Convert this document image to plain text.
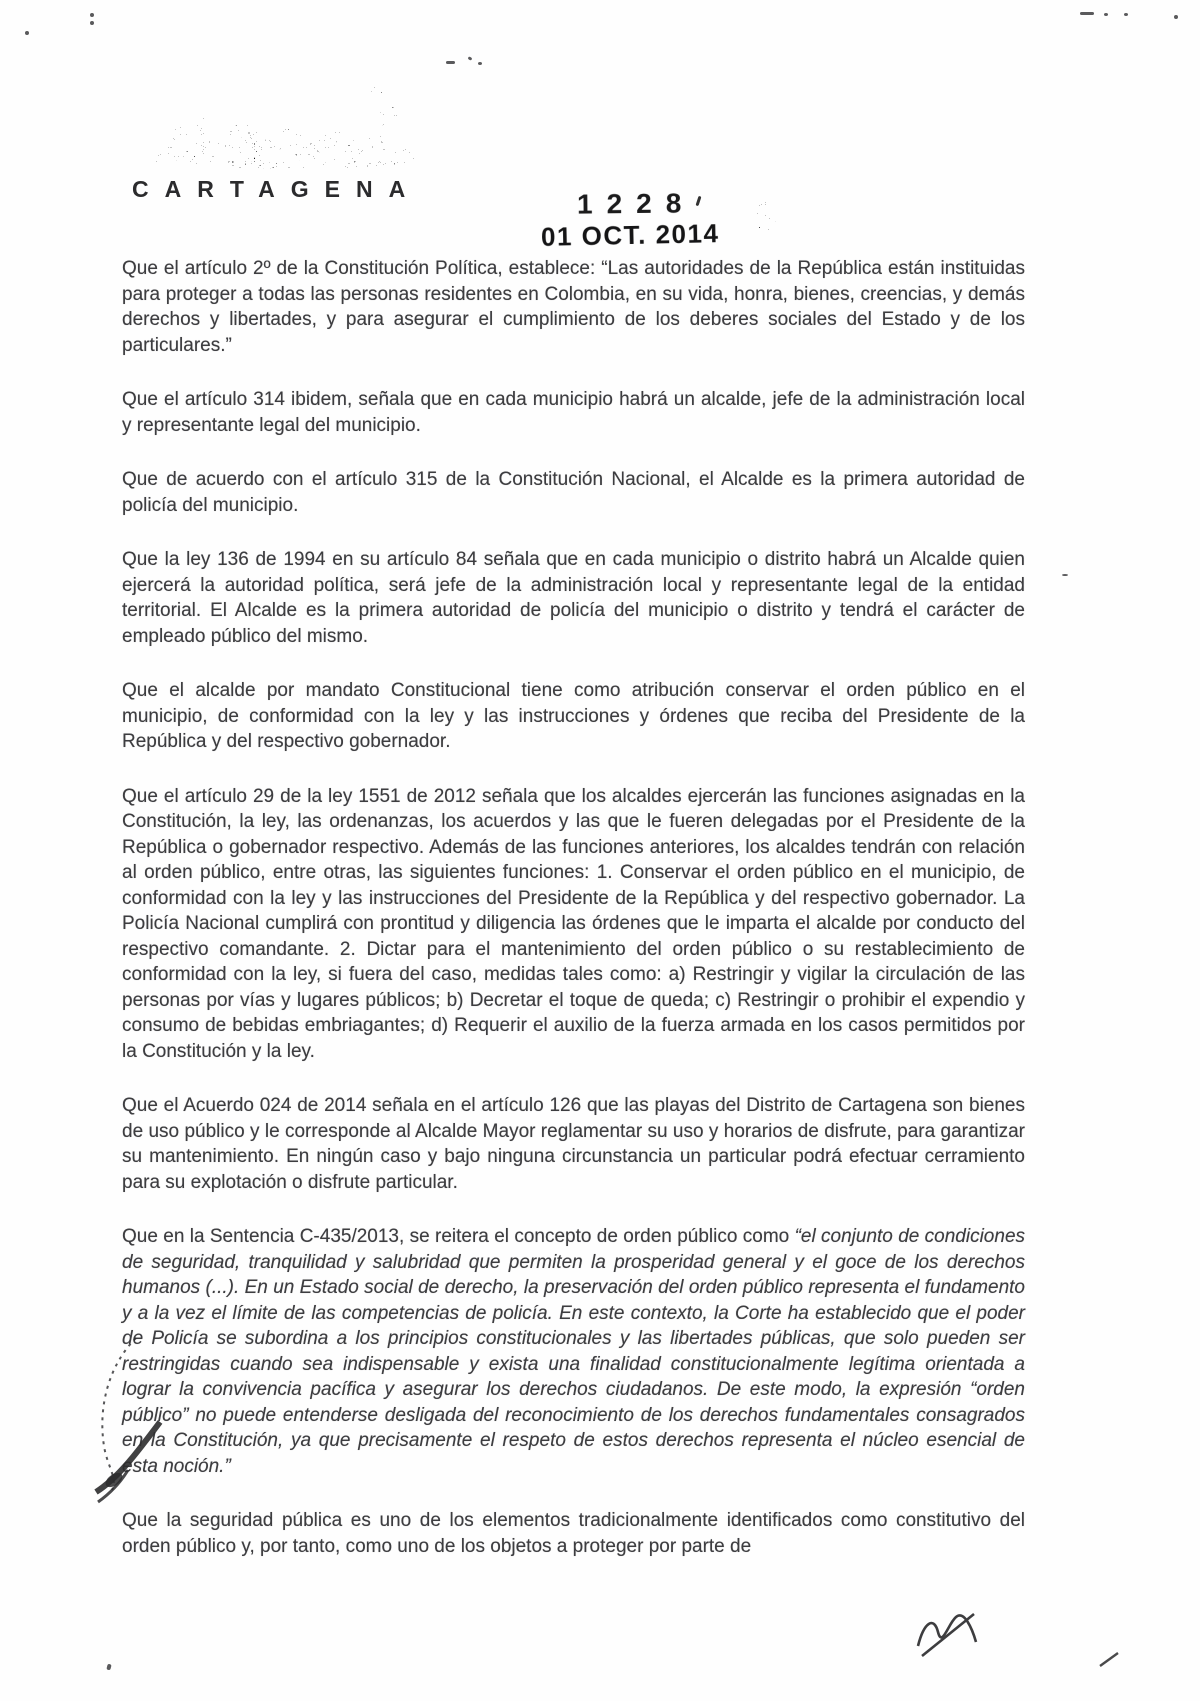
CARTAGENA	1228
01 OCT. 2014

Que el artículo 2º de la Constitución Política, establece: “Las autoridades de la República están instituidas para proteger a todas las personas residentes en Colombia, en su vida, honra, bienes, creencias, y demás derechos y libertades, y para asegurar el cumplimiento de los deberes sociales del Estado y de los particulares.”

Que el artículo 314 ibidem, señala que en cada municipio habrá un alcalde, jefe de la administración local y representante legal del municipio.

Que de acuerdo con el artículo 315 de la Constitución Nacional, el Alcalde es la primera autoridad de policía del municipio.

Que la ley 136 de 1994 en su artículo 84 señala que en cada municipio o distrito habrá un Alcalde quien ejercerá la autoridad política, será jefe de la administración local y representante legal de la entidad territorial. El Alcalde es la primera autoridad de policía del municipio o distrito y tendrá el carácter de empleado público del mismo.

Que el alcalde por mandato Constitucional tiene como atribución conservar el orden público en el municipio, de conformidad con la ley y las instrucciones y órdenes que reciba del Presidente de la República y del respectivo gobernador.

Que el artículo 29 de la ley 1551 de 2012 señala que los alcaldes ejercerán las funciones asignadas en la Constitución, la ley, las ordenanzas, los acuerdos y las que le fueren delegadas por el Presidente de la República o gobernador respectivo. Además de las funciones anteriores, los alcaldes tendrán con relación al orden público, entre otras, las siguientes funciones: 1. Conservar el orden público en el municipio, de conformidad con la ley y las instrucciones del Presidente de la República y del respectivo gobernador. La Policía Nacional cumplirá con prontitud y diligencia las órdenes que le imparta el alcalde por conducto del respectivo comandante. 2. Dictar para el mantenimiento del orden público o su restablecimiento de conformidad con la ley, si fuera del caso, medidas tales como: a) Restringir y vigilar la circulación de las personas por vías y lugares públicos; b) Decretar el toque de queda; c) Restringir o prohibir el expendio y consumo de bebidas embriagantes; d) Requerir el auxilio de la fuerza armada en los casos permitidos por la Constitución y la ley.

Que el Acuerdo 024 de 2014 señala en el artículo 126 que las playas del Distrito de Cartagena son bienes de uso público y le corresponde al Alcalde Mayor reglamentar su uso y horarios de disfrute, para garantizar su mantenimiento. En ningún caso y bajo ninguna circunstancia un particular podrá efectuar cerramiento para su explotación o disfrute particular.

Que en la Sentencia C-435/2013, se reitera el concepto de orden público como “el conjunto de condiciones de seguridad, tranquilidad y salubridad que permiten la prosperidad general y el goce de los derechos humanos (...). En un Estado social de derecho, la preservación del orden público representa el fundamento y a la vez el límite de las competencias de policía. En este contexto, la Corte ha establecido que el poder de Policía se subordina a los principios constitucionales y las libertades públicas, que solo pueden ser restringidas cuando sea indispensable y exista una finalidad constitucionalmente legítima orientada a lograr la convivencia pacífica y asegurar los derechos ciudadanos. De este modo, la expresión “orden público” no puede entenderse desligada del reconocimiento de los derechos fundamentales consagrados en la Constitución, ya que precisamente el respeto de estos derechos representa el núcleo esencial de esta noción.”

Que la seguridad pública es uno de los elementos tradicionalmente identificados como constitutivo del orden público y, por tanto, como uno de los objetos a proteger por parte de
